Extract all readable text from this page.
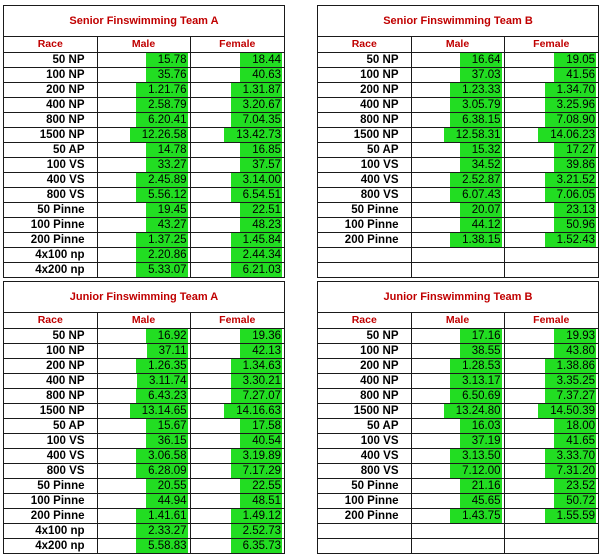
Senior Finswimming Team A
Race	Male	Female
50 NP	15.78	18.44
100 NP	35.76	40.63
200 NP	1.21.76	1.31.87
400 NP	2.58.79	3.20.67
800 NP	6.20.41	7.04.35
1500 NP	12.26.58	13.42.73
50 AP	14.78	16.85
100 VS	33.27	37.57
400 VS	2.45.89	3.14.00
800 VS	5.56.12	6.54.51
50 Pinne	19.45	22.51
100 Pinne	43.27	48.23
200 Pinne	1.37.25	1.45.84
4x100 np	2.20.86	2.44.34
4x200 np	5.33.07	6.21.03
Senior Finswimming Team B
Race	Male	Female
50 NP	16.64	19.05
100 NP	37.03	41.56
200 NP	1.23.33	1.34.70
400 NP	3.05.79	3.25.96
800 NP	6.38.15	7.08.90
1500 NP	12.58.31	14.06.23
50 AP	15.32	17.27
100 VS	34.52	39.86
400 VS	2.52.87	3.21.52
800 VS	6.07.43	7.06.05
50 Pinne	20.07	23.13
100 Pinne	44.12	50.96
200 Pinne	1.38.15	1.52.43

Junior Finswimming Team A
Race	Male	Female
50 NP	16.92	19.36
100 NP	37.11	42.13
200 NP	1.26.35	1.34.63
400 NP	3.11.74	3.30.21
800 NP	6.43.23	7.27.07
1500 NP	13.14.65	14.16.63
50 AP	15.67	17.58
100 VS	36.15	40.54
400 VS	3.06.58	3.19.89
800 VS	6.28.09	7.17.29
50 Pinne	20.55	22.55
100 Pinne	44.94	48.51
200 Pinne	1.41.61	1.49.12
4x100 np	2.33.27	2.52.73
4x200 np	5.58.83	6.35.73
Junior Finswimming Team B
Race	Male	Female
50 NP	17.16	19.93
100 NP	38.55	43.80
200 NP	1.28.53	1.38.86
400 NP	3.13.17	3.35.25
800 NP	6.50.69	7.37.27
1500 NP	13.24.80	14.50.39
50 AP	16.03	18.00
100 VS	37.19	41.65
400 VS	3.13.50	3.33.70
800 VS	7.12.00	7.31.20
50 Pinne	21.16	23.52
100 Pinne	45.65	50.72
200 Pinne	1.43.75	1.55.59
